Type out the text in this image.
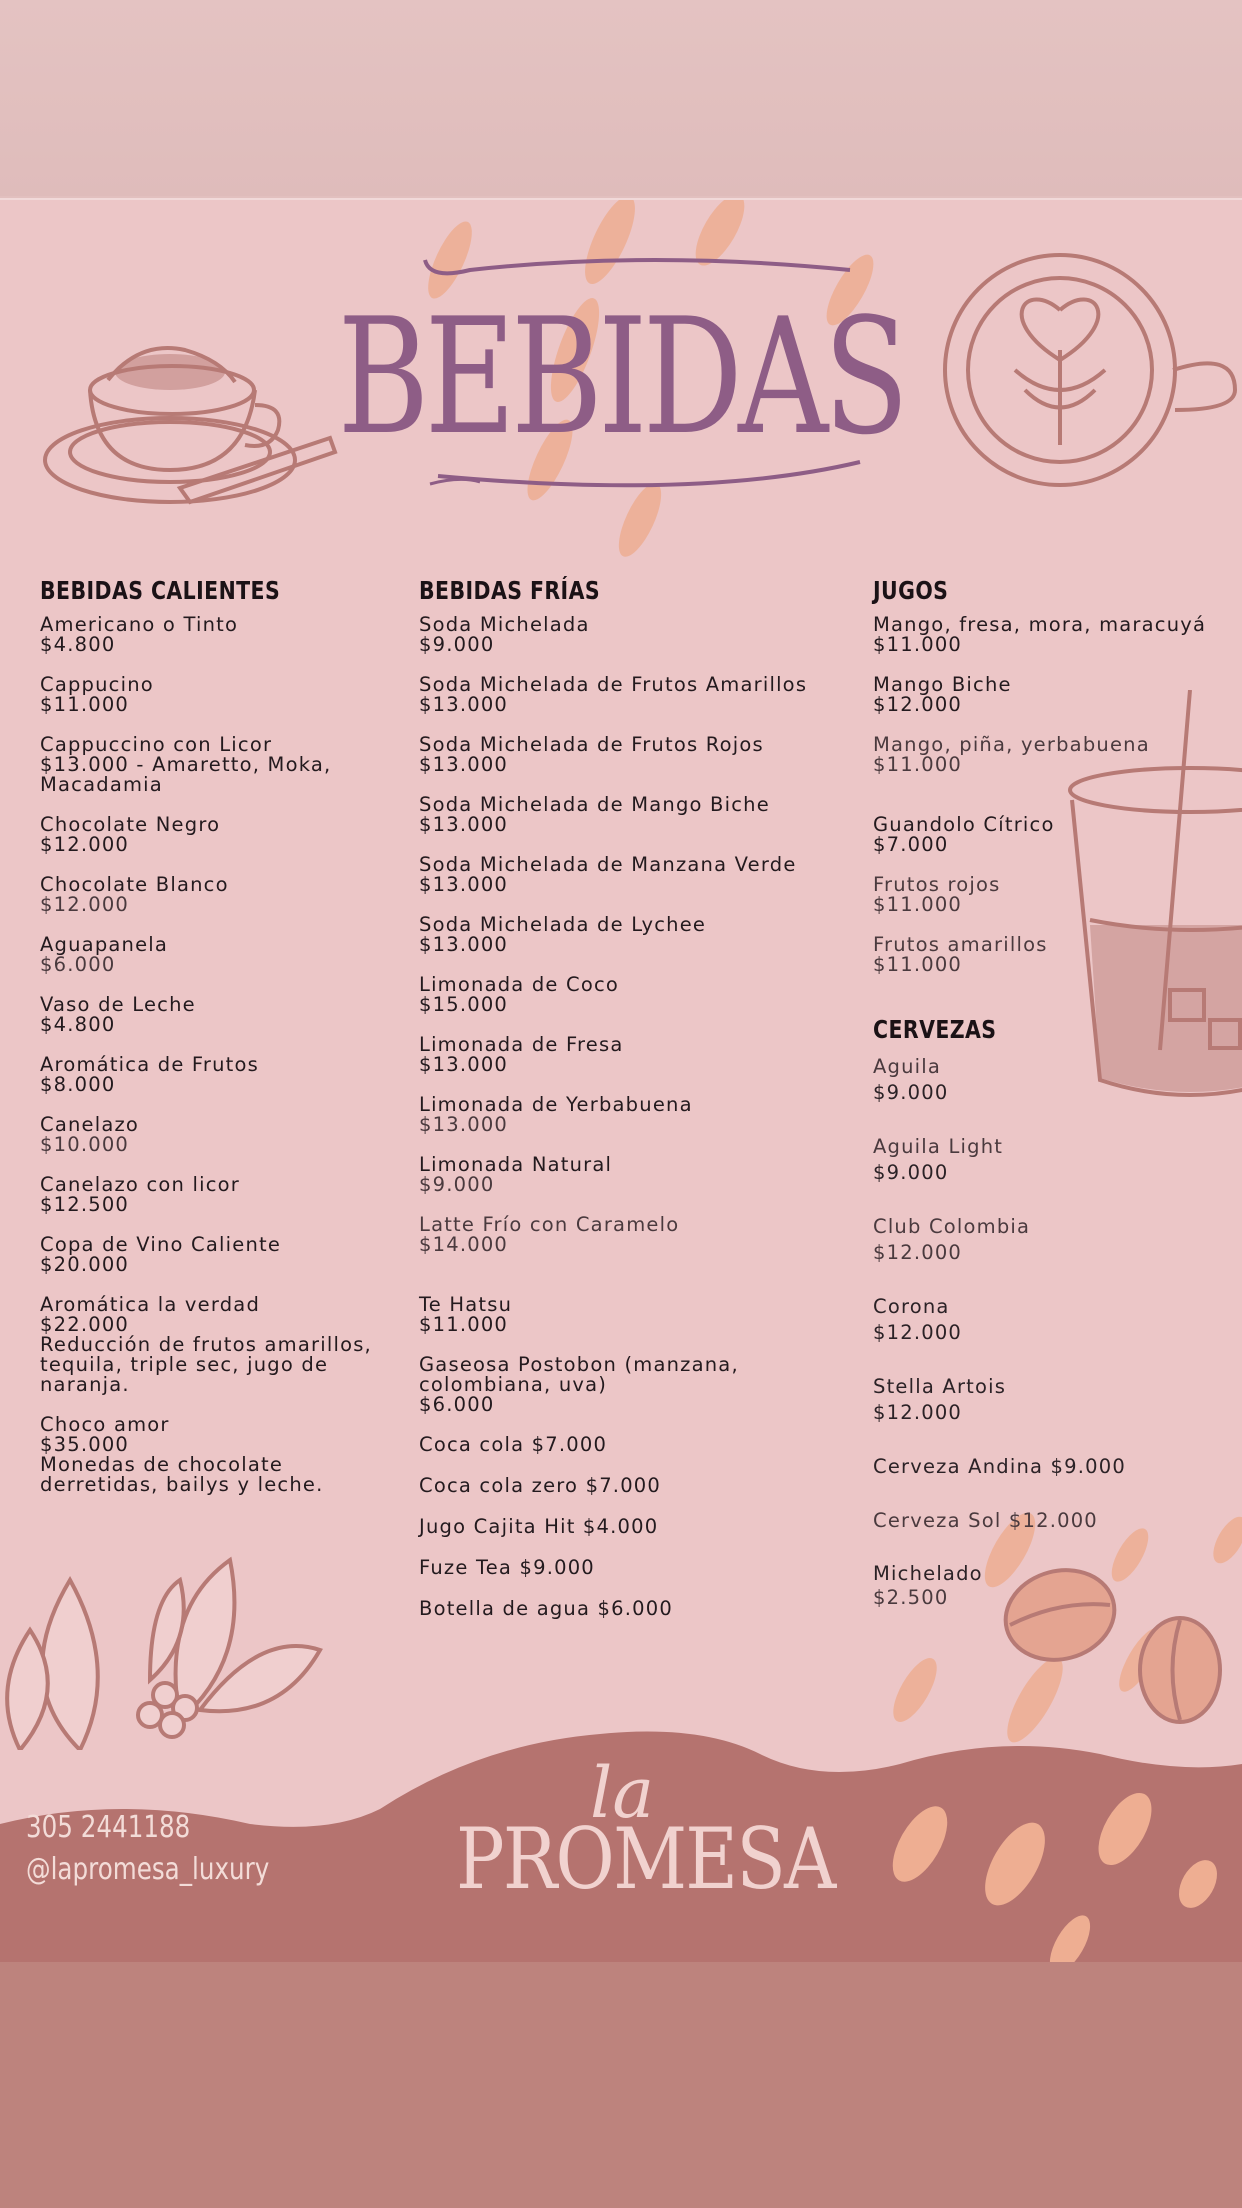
BEBIDAS
BEBIDAS CALIENTES
Americano o Tinto
$4.800
Cappucino
$11.000
Cappuccino con Licor
$13.000 - Amaretto, Moka, Macadamia
Chocolate Negro
$12.000
Chocolate Blanco
$12.000
Aguapanela
$6.000
Vaso de Leche
$4.800
Aromática de Frutos
$8.000
Canelazo
$10.000
Canelazo con licor
$12.500
Copa de Vino Caliente
$20.000
Aromática la verdad
$22.000
Reducción de frutos amarillos, tequila, triple sec, jugo de naranja.
Choco amor
$35.000
Monedas de chocolate derretidas, bailys y leche.
BEBIDAS FRÍAS
Soda Michelada
$9.000
Soda Michelada de Frutos Amarillos
$13.000
Soda Michelada de Frutos Rojos
$13.000
Soda Michelada de Mango Biche
$13.000
Soda Michelada de Manzana Verde
$13.000
Soda Michelada de Lychee
$13.000
Limonada de Coco
$15.000
Limonada de Fresa
$13.000
Limonada de Yerbabuena
$13.000
Limonada Natural
$9.000
Latte Frío con Caramelo
$14.000
Te Hatsu
$11.000
Gaseosa Postobon (manzana, colombiana, uva)
$6.000
Coca cola $7.000
Coca cola zero $7.000
Jugo Cajita Hit $4.000
Fuze Tea $9.000
Botella de agua $6.000
JUGOS
Mango, fresa, mora, maracuyá
$11.000
Mango Biche
$12.000
Mango, piña, yerbabuena
$11.000
Guandolo Cítrico
$7.000
Frutos rojos
$11.000
Frutos amarillos
$11.000
CERVEZAS
Aguila
$9.000
Aguila Light
$9.000
Club Colombia
$12.000
Corona
$12.000
Stella Artois
$12.000
Cerveza Andina $9.000
Cerveza Sol $12.000
Michelado
$2.500
305 2441188
@lapromesa_luxury
la
PROMESA
